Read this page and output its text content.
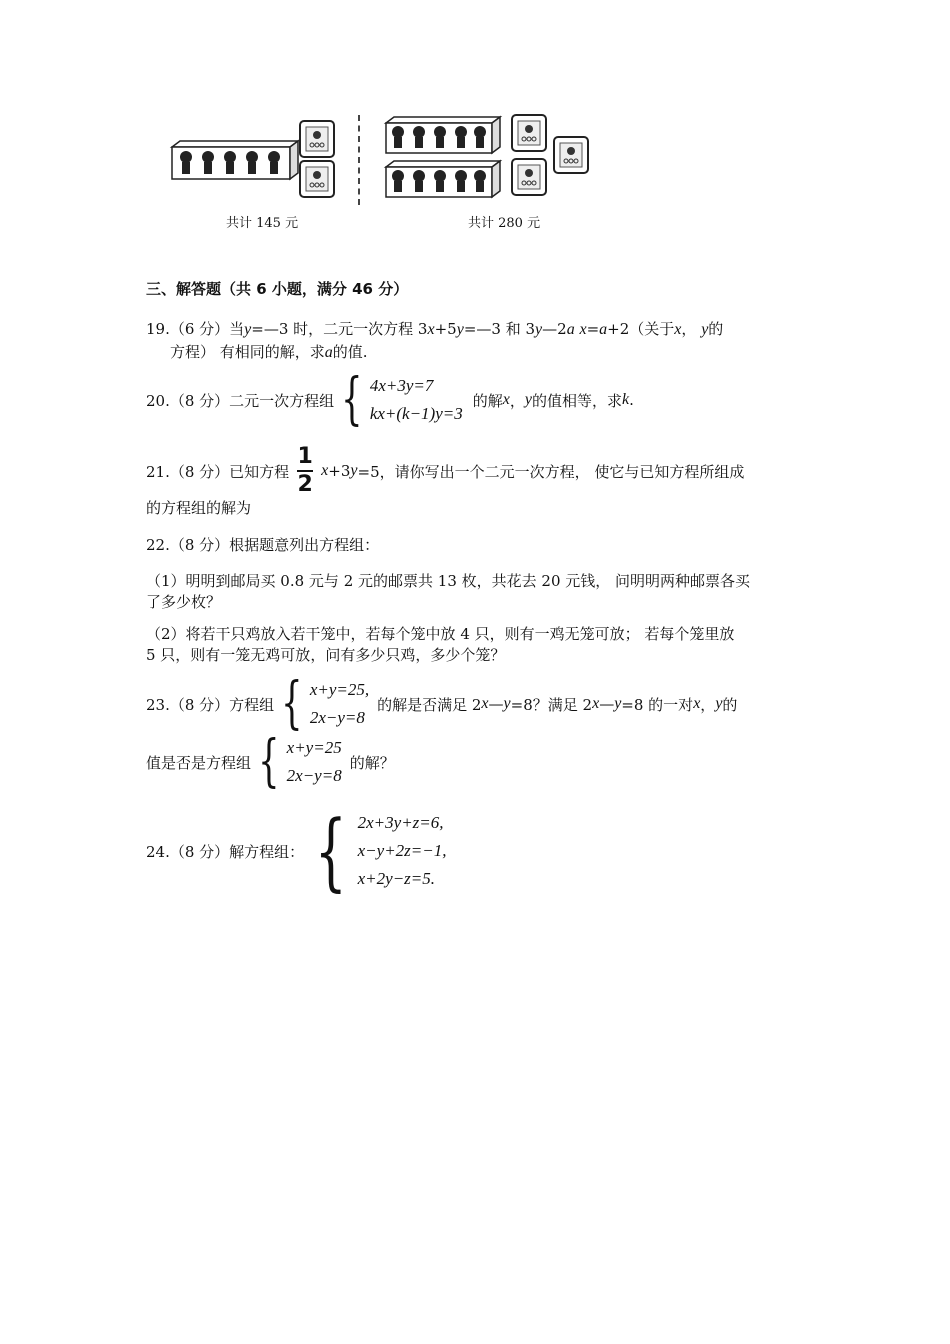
共计 145 元	共计 280 元
三、解答题（共 6 小题，满分 46 分）
19.（6 分）当y=—3 时，二元一次方程 3x+5y=—3 和 3y—2a x=a+2（关于x， y的
方程） 有相同的解，求a的值.
20.（8 分）二元一次方程组 { 4x+3y=7
kx+(k−1)y=3
的解 x ， y 的值相等，求 k .
21.（8 分）已知方程 $\frac{1}{2}$ x +3 y =5，请你写出一个二元一次方程， 使它与已知方程所组成
的方程组的解为
22.（8 分）根据题意列出方程组：
（1）明明到邮局买 0.8 元与 2 元的邮票共 13 枚，共花去 20 元钱， 问明明两种邮票各买
了多少枚？
（2）将若干只鸡放入若干笼中，若每个笼中放 4 只，则有一鸡无笼可放； 若每个笼里放
5 只，则有一笼无鸡可放，问有多少只鸡，多少个笼？
23.（8 分）方程组 { x+y=25,
2x−y=8
的解是否满足 2 x — y =8？满足 2 x — y =8 的一对 x ， y 的
值是否是方程组 { x+y=25
2x−y=8
的解？
24.（8 分）解方程组： { 2x+3y+z=6,
x−y+2z=−1,
x+2y−z=5.
